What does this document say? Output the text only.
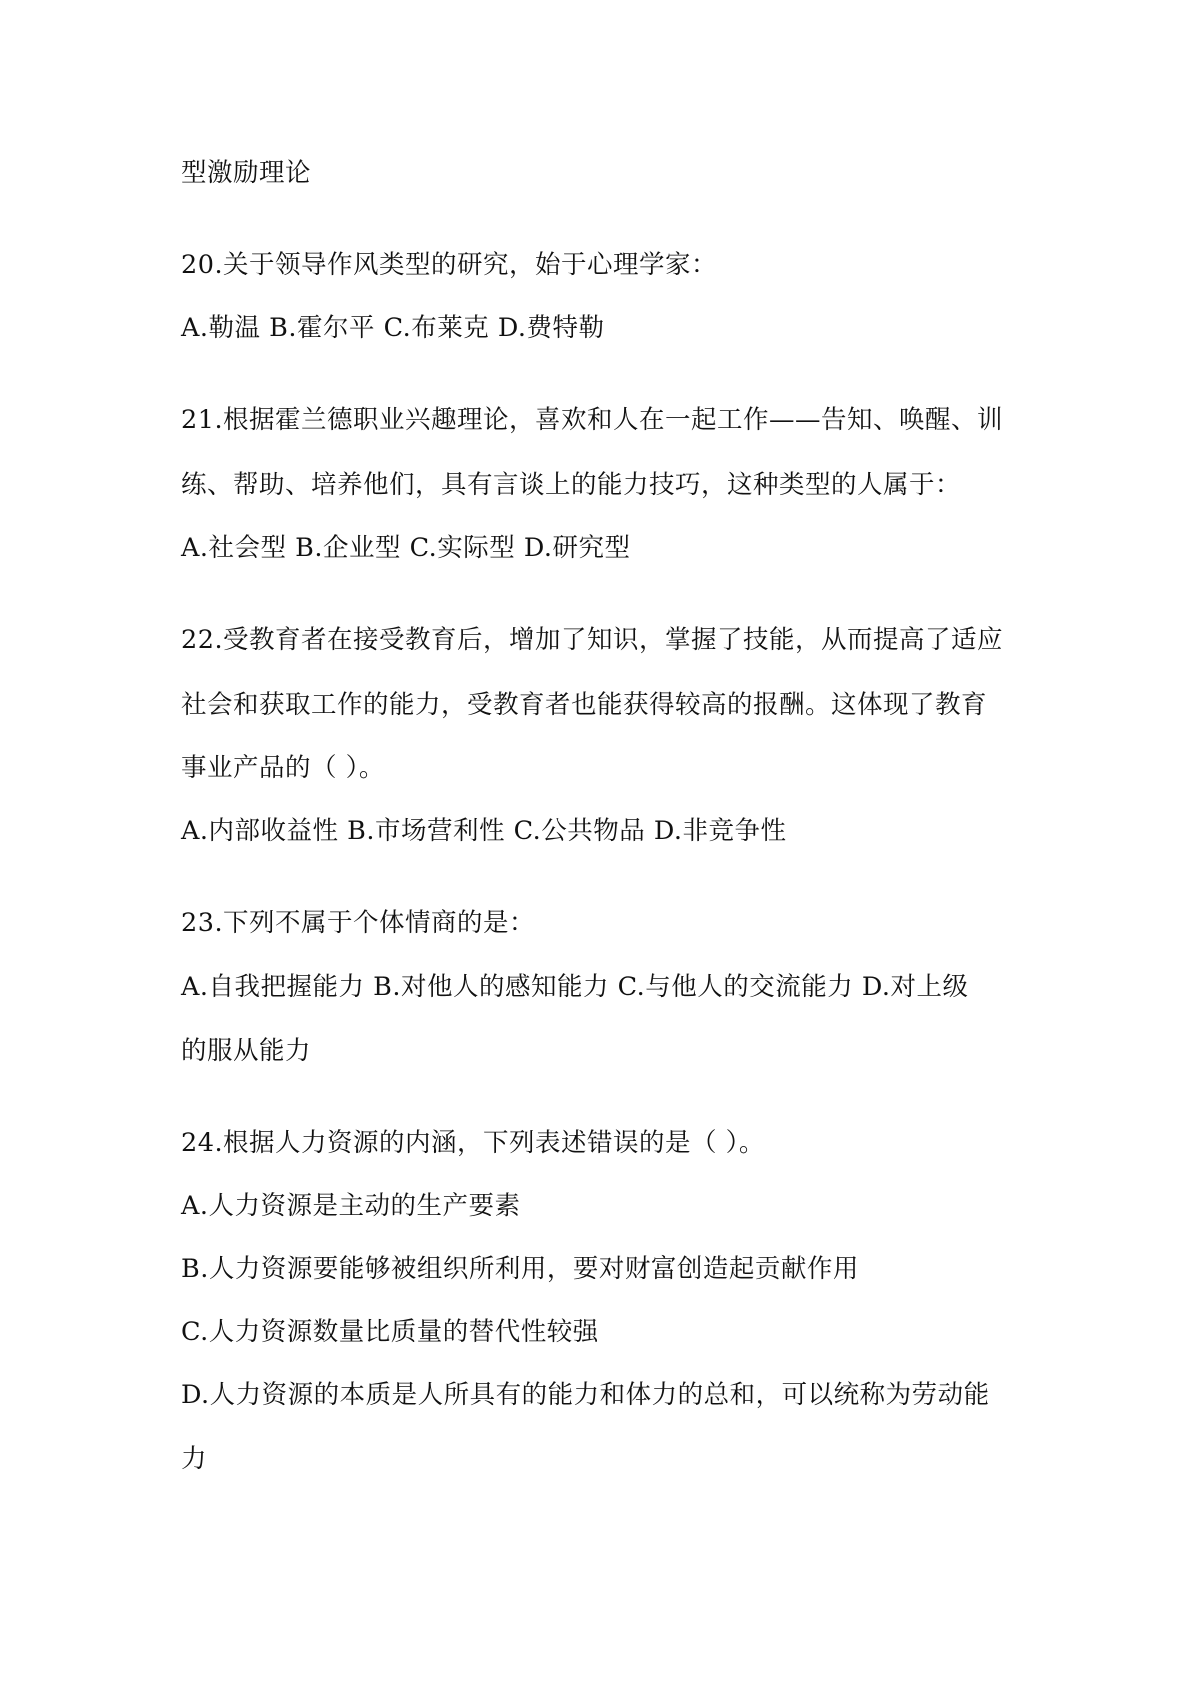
型激励理论
20.关于领导作风类型的研究，始于心理学家：
A.勒温 B.霍尔平 C.布莱克 D.费特勒
21.根据霍兰德职业兴趣理论，喜欢和人在一起工作——告知、唤醒、训
练、帮助、培养他们，具有言谈上的能力技巧，这种类型的人属于：
A.社会型 B.企业型 C.实际型 D.研究型
22.受教育者在接受教育后，增加了知识，掌握了技能，从而提高了适应
社会和获取工作的能力，受教育者也能获得较高的报酬。这体现了教育
事业产品的（ ）。
A.内部收益性 B.市场营利性 C.公共物品 D.非竞争性
23.下列不属于个体情商的是：
A.自我把握能力 B.对他人的感知能力 C.与他人的交流能力 D.对上级
的服从能力
24.根据人力资源的内涵，下列表述错误的是（ ）。
A.人力资源是主动的生产要素
B.人力资源要能够被组织所利用，要对财富创造起贡献作用
C.人力资源数量比质量的替代性较强
D.人力资源的本质是人所具有的能力和体力的总和，可以统称为劳动能
力
